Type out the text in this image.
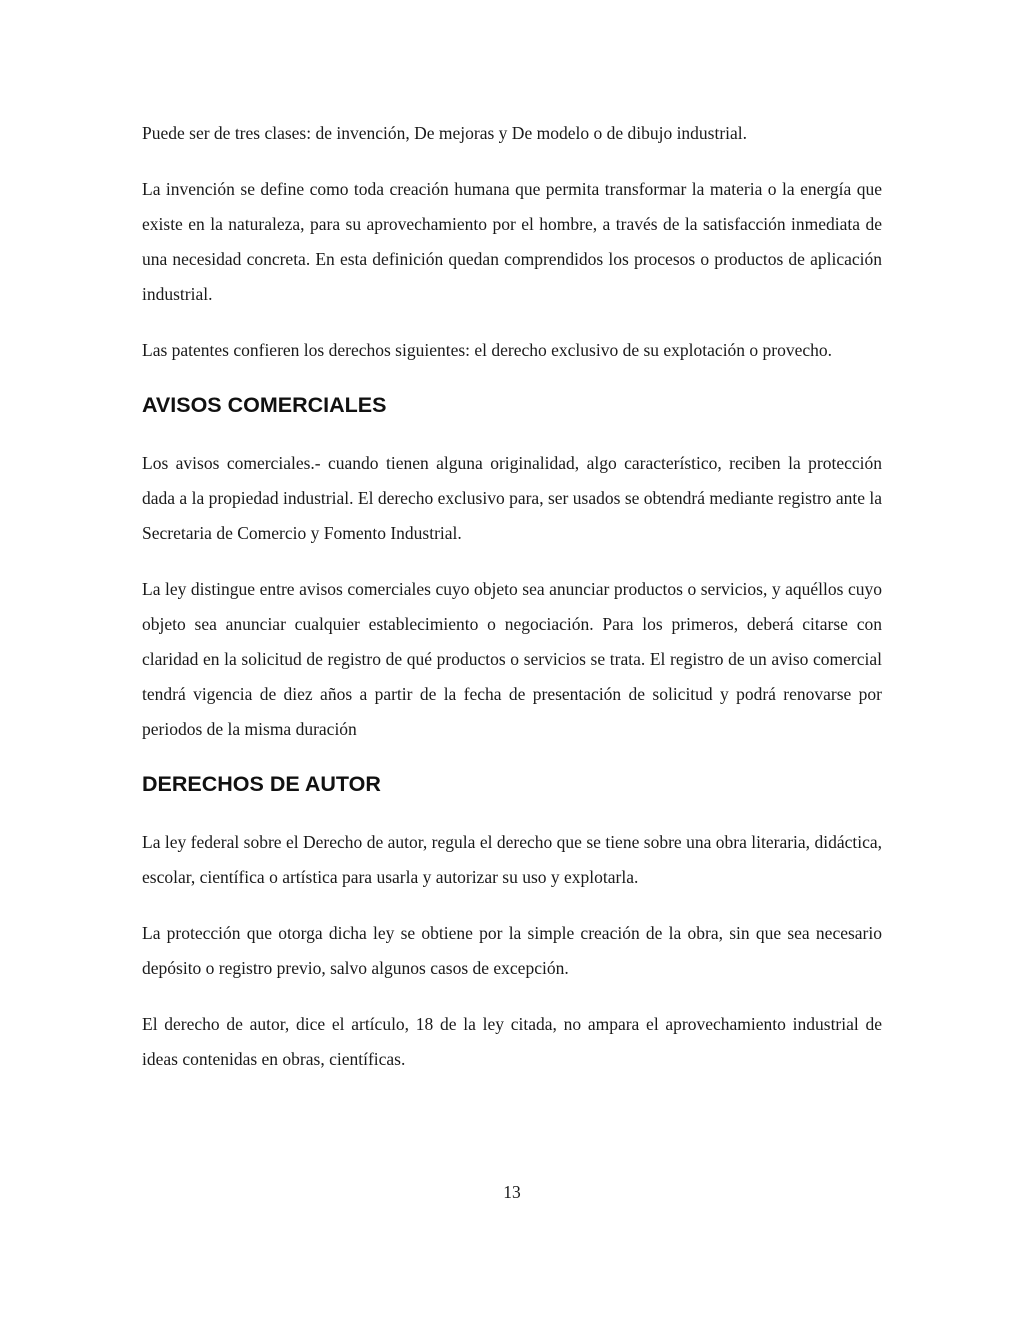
Puede ser de tres clases: de invención, De mejoras y De modelo o de dibujo industrial.

La invención se define como toda creación humana que permita transformar la materia o la energía que existe en la naturaleza, para su aprovechamiento por el hombre, a través de la satisfacción inmediata de una necesidad concreta. En esta definición quedan comprendidos los procesos o productos de aplicación industrial.

Las patentes confieren los derechos siguientes: el derecho exclusivo de su explotación o provecho.

AVISOS COMERCIALES

Los avisos comerciales.- cuando tienen alguna originalidad, algo característico, reciben la protección dada a la propiedad industrial. El derecho exclusivo para, ser usados se obtendrá mediante registro ante la Secretaria de Comercio y Fomento Industrial.

La ley distingue entre avisos comerciales cuyo objeto sea anunciar productos o servicios, y aquéllos cuyo objeto sea anunciar cualquier establecimiento o negociación. Para los primeros, deberá citarse con claridad en la solicitud de registro de qué productos o servicios se trata. El registro de un aviso comercial tendrá vigencia de diez años a partir de la fecha de presentación de solicitud y podrá renovarse por periodos de la misma duración

DERECHOS DE AUTOR

La ley federal sobre el Derecho de autor, regula el derecho que se tiene sobre una obra literaria, didáctica, escolar, científica o artística para usarla y autorizar su uso y explotarla.

La protección que otorga dicha ley se obtiene por la simple creación de la obra, sin que sea necesario depósito o registro previo, salvo algunos casos de excepción.

El derecho de autor, dice el artículo, 18 de la ley citada, no ampara el aprovechamiento industrial de ideas contenidas en obras, científicas.

13
